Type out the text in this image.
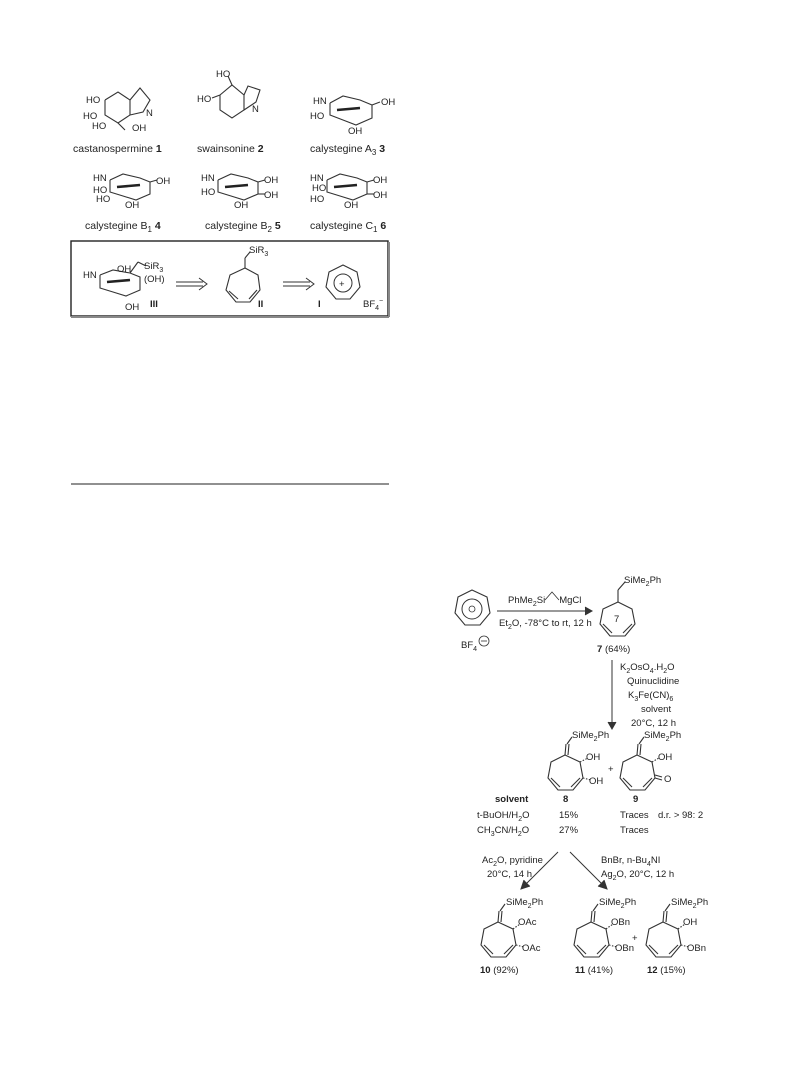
HO
N
HO
HO	OH
castanospermine 1
HO
HO
N
swainsonine 2
HN
HO
OH
OH
calystegine $A_3$ 3
HN
HO
HO
OH
OH
calystegine $B_1$ 4
HN
HO
OH
OH
OH
calystegine $B_2$ 5
HN
HO
HO
OH
OH
OH
calystegine $C_1$ 6
HN
OH SiR$_3$
(OH)
OH III
SiR$_3$
II
+
I	$BF_4^-$
$BF_4$
PhMe$_2$Si MgCl
$Et_2O$, -78°C to rt, 12 h
SiMe$_2$Ph
7
7 (64%)
$K_2OsO_4.H_2O$
Quinuclidine
$K_3Fe(CN)_6$
solvent
20°C, 12 h
SiMe$_2$Ph
OH
OH
+
SiMe$_2$Ph
OH
O
solvent	8	9
$t-BuOH/H_2O$	15%	Traces d.r. > 98: 2
$CH_3CN/H_2O$	27%	Traces
$Ac_2O$, pyridine
20°C, 14 h
BnBr, $n-Bu_4NI$
$Ag_2O$, 20°C, 12 h
SiMe$_2$Ph
OAc
OAc
10 (92%)
SiMe$_2$Ph
OBn
OBn
11 (41%)
+
SiMe$_2$Ph
OH
OBn
12 (15%)
